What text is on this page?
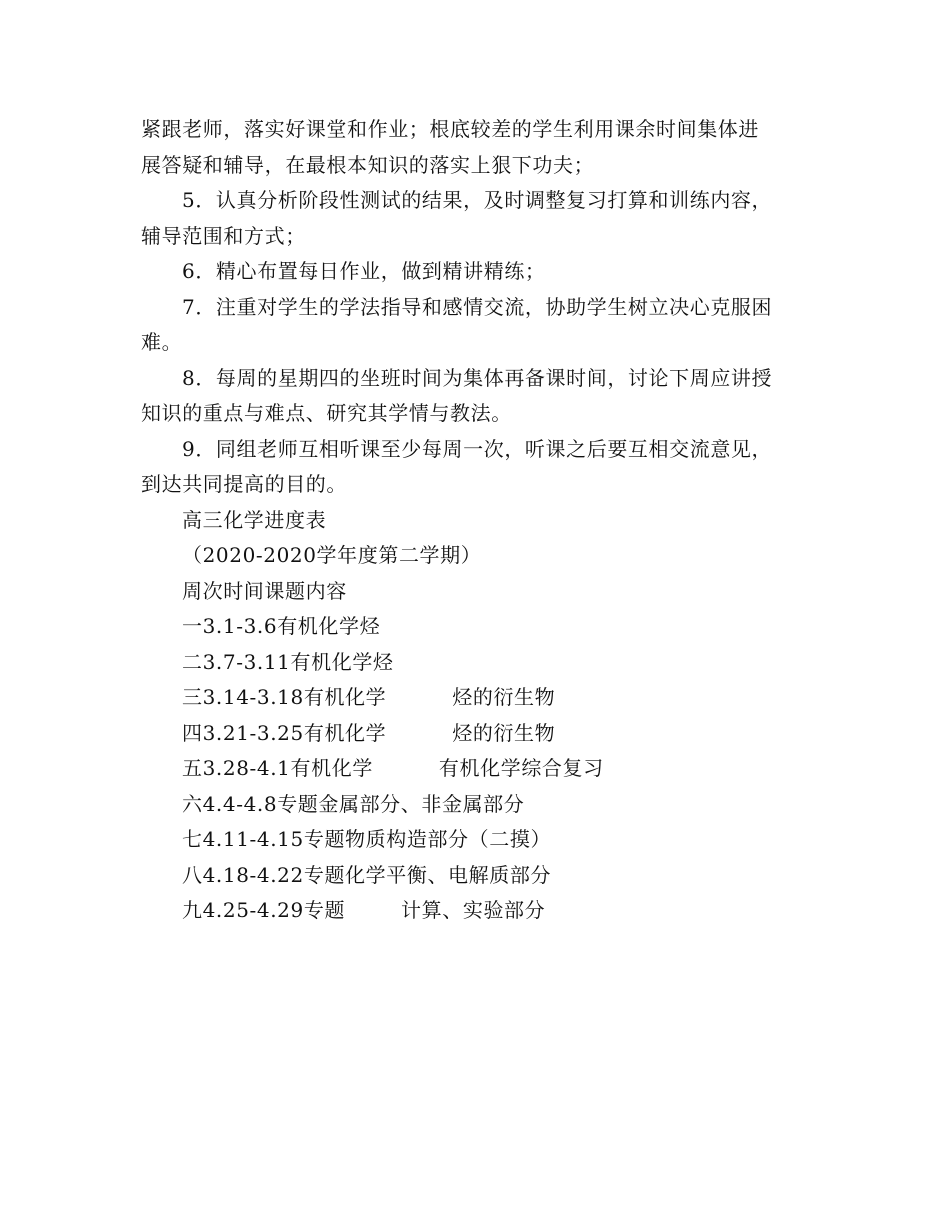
紧跟老师，落实好课堂和作业；根底较差的学生利用课余时间集体进
展答疑和辅导，在最根本知识的落实上狠下功夫；
5．认真分析阶段性测试的结果，及时调整复习打算和训练内容，
辅导范围和方式；
6．精心布置每日作业，做到精讲精练；
7．注重对学生的学法指导和感情交流，协助学生树立决心克服困
难。
8．每周的星期四的坐班时间为集体再备课时间，讨论下周应讲授
知识的重点与难点、研究其学情与教法。
9．同组老师互相听课至少每周一次，听课之后要互相交流意见，
到达共同提高的目的。
高三化学进度表
（2020-2020学年度第二学期）
周次时间课题内容
一 3.1-3.6 有机化学烃
二 3.7-3.11 有机化学烃
三 3.14-3.18 有机化学	烃的衍生物
四 3.21-3.25 有机化学	烃的衍生物
五 3.28-4.1 有机化学	有机化学综合复习
六 4.4-4.8 专题金属部分、非金属部分
七 4.11-4.15 专题物质构造部分（二摸）
八 4.18-4.22 专题化学平衡、电解质部分
九 4.25-4.29 专题	计算、实验部分
